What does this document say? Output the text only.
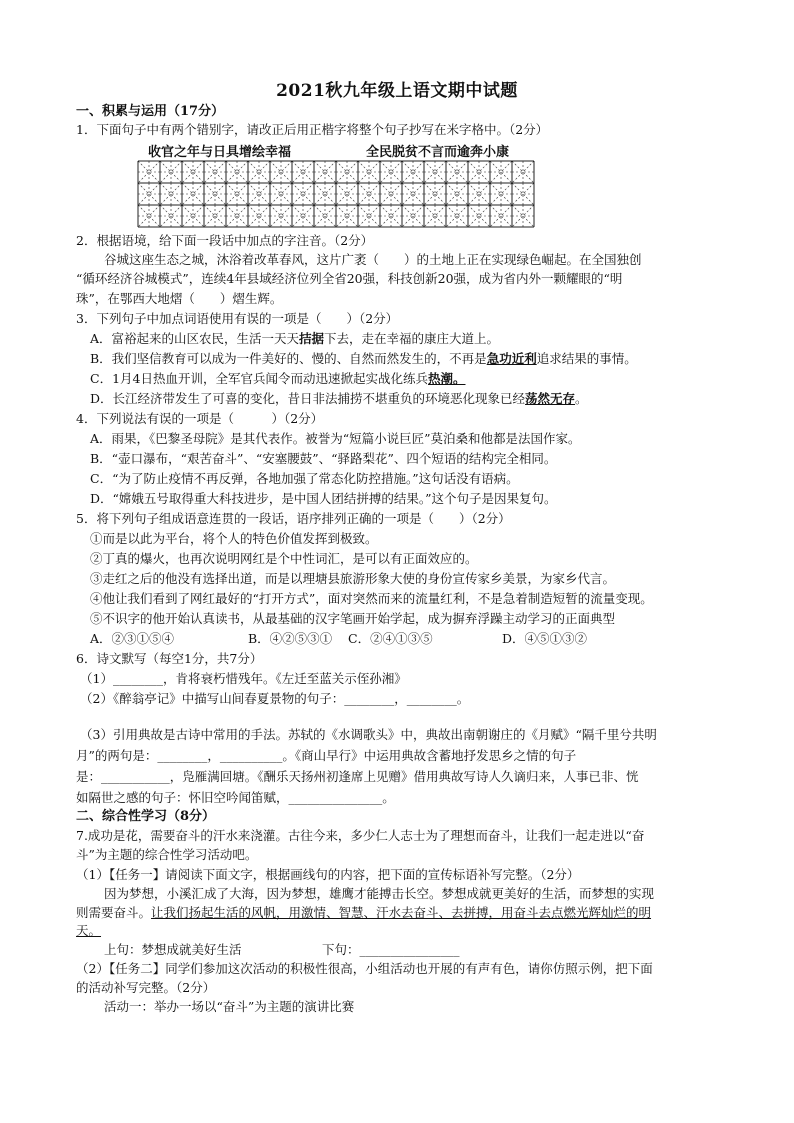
2021秋九年级上语文期中试题
一、积累与运用（17分）
1．下面句子中有两个错别字，请改正后用正楷字将整个句子抄写在米字格中。（2分）
收官之年与日具增绘幸福	全民脱贫不言而逾奔小康
2．根据语境，给下面一段话中加点的字注音。（2分）
谷城这座生态之城，沐浴着改革春风，这片广袤（　　）的土地上正在实现绿色崛起。在全国独创
“循环经济谷城模式”，连续4年县域经济位列全省20强，科技创新20强，成为省内外一颗耀眼的“明
珠”，在鄂西大地熠（　　）熠生辉。
3．下列句子中加点词语使用有误的一项是（　　）（2分）
A．富裕起来的山区农民，生活一天天拮据下去，走在幸福的康庄大道上。
B．我们坚信教育可以成为一件美好的、慢的、自然而然发生的，不再是急功近利追求结果的事情。
C．1月4日热血开训，全军官兵闻令而动迅速掀起实战化练兵热潮。
D．长江经济带发生了可喜的变化，昔日非法捕捞不堪重负的环境恶化现象已经荡然无存。
4．下列说法有误的一项是（　　　）（2分）
A．雨果，《巴黎圣母院》是其代表作。被誉为“短篇小说巨匠”莫泊桑和他都是法国作家。
B．“壶口瀑布，“艰苦奋斗”、“安塞腰鼓”、“驿路梨花”、四个短语的结构完全相同。
C．“为了防止疫情不再反弹，各地加强了常态化防控措施。”这句话没有语病。
D．“嫦娥五号取得重大科技进步，是中国人团结拼搏的结果。”这个句子是因果复句。
5．将下列句子组成语意连贯的一段话，语序排列正确的一项是（　　）（2分）
①而是以此为平台，将个人的特色价值发挥到极致。
②丁真的爆火，也再次说明网红是个中性词汇，是可以有正面效应的。
③走红之后的他没有选择出道，而是以理塘县旅游形象大使的身份宣传家乡美景，为家乡代言。
④他让我们看到了网红最好的“打开方式”，面对突然而来的流量红利，不是急着制造短暂的流量变现。
⑤不识字的他开始认真读书，从最基础的汉字笔画开始学起，成为摒弃浮躁主动学习的正面典型
A．②③①⑤④	B．④②⑤③① C．②④①③⑤	D．④⑤①③②
6．诗文默写（每空1分，共7分）
（1）________，肯将衰朽惜残年。《左迁至蓝关示侄孙湘》
（2）《醉翁亭记》中描写山间春夏景物的句子：________，________。
（3）引用典故是古诗中常用的手法。苏轼的《水调歌头》中，典故出南朝谢庄的《月赋》“隔千里兮共明
月”的两句是：________，__________。《商山早行》中运用典故含蓄地抒发思乡之情的句子
是：___________，凫雁满回塘。《酬乐天扬州初逢席上见赠》借用典故写诗人久谪归来，人事已非、恍
如隔世之感的句子：怀旧空吟闻笛赋，_______________。
二、综合性学习（8分）
7.成功是花，需要奋斗的汗水来浇灌。古往今来，多少仁人志士为了理想而奋斗，让我们一起走进以“奋
斗”为主题的综合性学习活动吧。
（1）【任务一】请阅读下面文字，根据画线句的内容，把下面的宣传标语补写完整。（2分）
因为梦想，小溪汇成了大海，因为梦想，雄鹰才能搏击长空。梦想成就更美好的生活，而梦想的实现
则需要奋斗。让我们扬起生活的风帆，用激情、智慧、汗水去奋斗、去拼搏，用奋斗去点燃光辉灿烂的明
天。
上句：梦想成就美好生活	下句：________________
（2）【任务二】同学们参加这次活动的积极性很高，小组活动也开展的有声有色，请你仿照示例，把下面
的活动补写完整。（2分）
活动一：举办一场以“奋斗”为主题的演讲比赛
